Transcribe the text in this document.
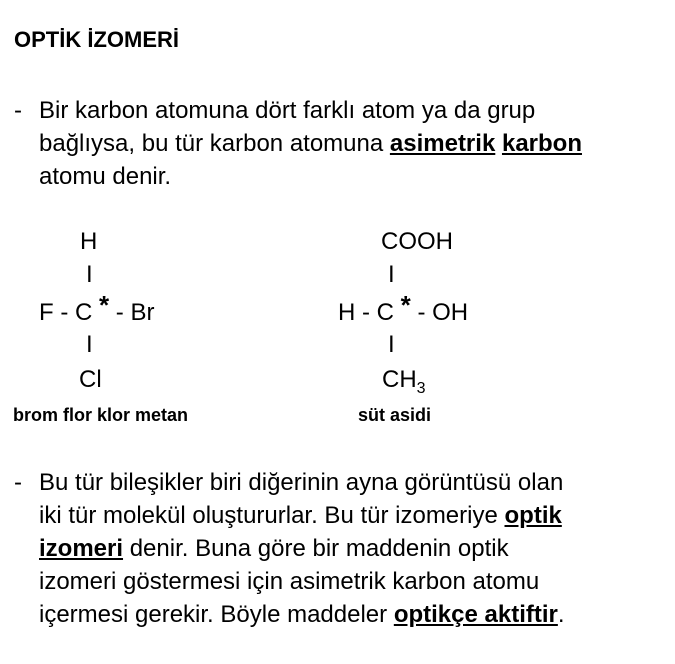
OPTİK İZOMERİ
- Bir karbon atomuna dört farklı atom ya da grup
bağlıysa, bu tür karbon atomuna asimetrik karbon
atomu denir.
H
I
F - C * - Br
I
Cl
brom flor klor metan
COOH
I
H - C * - OH
I
$CH_3$
süt asidi
- Bu tür bileşikler biri diğerinin ayna görüntüsü olan
iki tür molekül oluştururlar. Bu tür izomeriye optik
izomeri denir. Buna göre bir maddenin optik
izomeri göstermesi için asimetrik karbon atomu
içermesi gerekir. Böyle maddeler optikçe aktiftir.
